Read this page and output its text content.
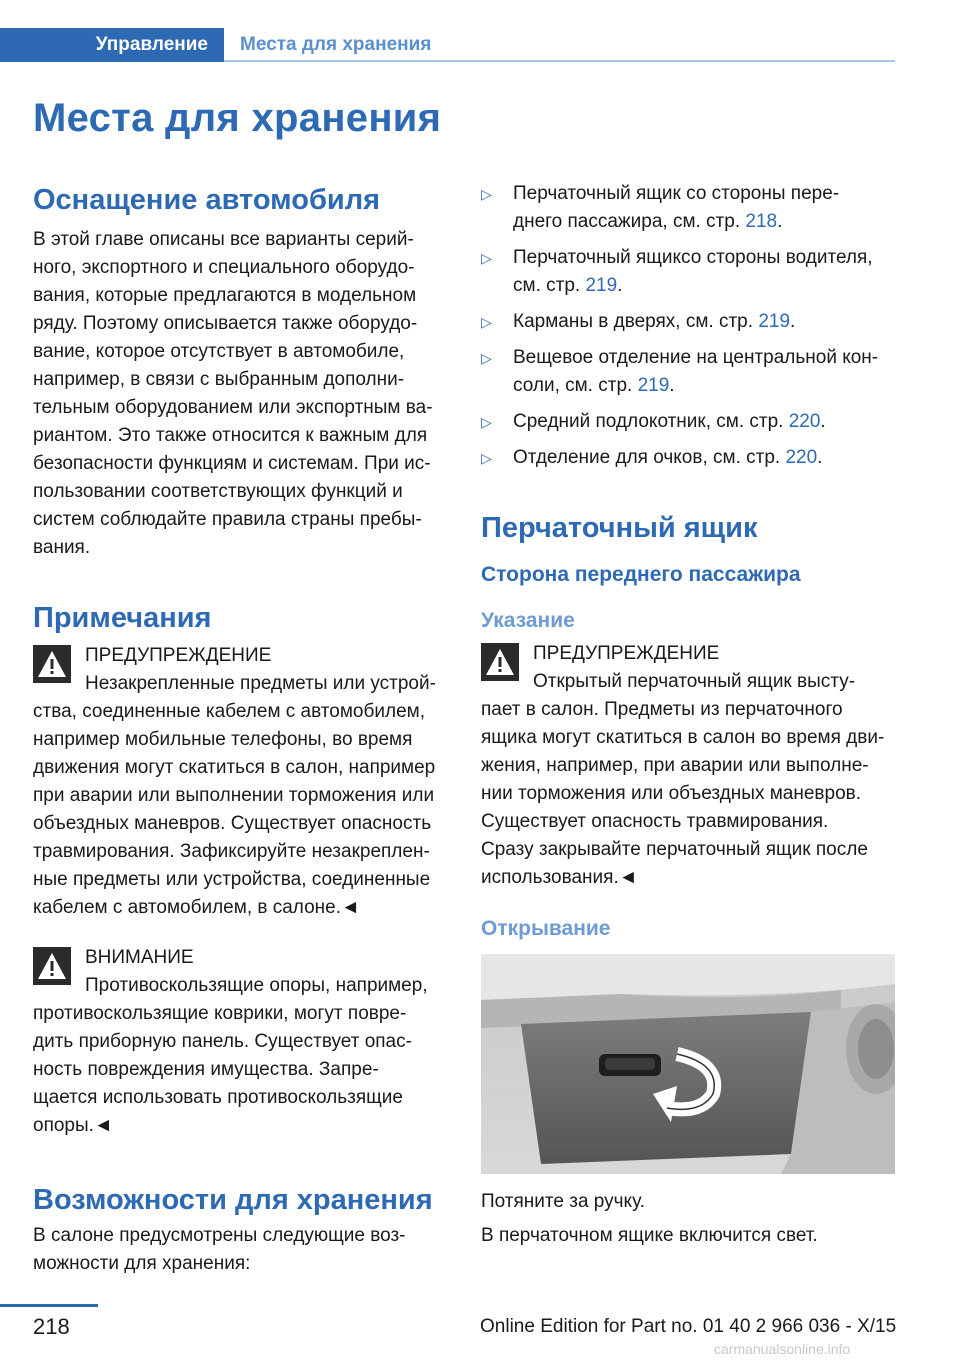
Управление Места для хранения
Места для хранения
Оснащение автомобиля

В этой главе описаны все варианты серий-

ного, экспортного и специального оборудо-

вания, которые предлагаются в модельном

ряду. Поэтому описывается также оборудо-

вание, которое отсутствует в автомобиле,

например, в связи с выбранным дополни-

тельным оборудованием или экспортным ва-

риантом. Это также относится к важным для

безопасности функциям и системам. При ис-

пользовании соответствующих функций и

систем соблюдайте правила страны пребы-

вания.

Примечания

ПРЕДУПРЕЖДЕНИЕ

Незакрепленные предметы или устрой-

ства, соединенные кабелем с автомобилем,

например мобильные телефоны, во время

движения могут скатиться в салон, например

при аварии или выполнении торможения или

объездных маневров. Существует опасность

травмирования. Зафиксируйте незакреплен-

ные предметы или устройства, соединенные

кабелем с автомобилем, в салоне.◄

ВНИМАНИЕ

Противоскользящие опоры, например,

противоскользящие коврики, могут повре-

дить приборную панель. Существует опас-

ность повреждения имущества. Запре-

щается использовать противоскользящие

опоры.◄

Возможности для хранения

В салоне предусмотрены следующие воз-

можности для хранения:

▷ Перчаточный ящик со стороны пере-
днего пассажира, см. стр. 218.
▷ Перчаточный ящиксо стороны водителя,
см. стр. 219.
▷ Карманы в дверях, см. стр. 219.
▷ Вещевое отделение на центральной кон-
соли, см. стр. 219.
▷ Средний подлокотник, см. стр. 220.
▷ Отделение для очков, см. стр. 220.
Перчаточный ящик
Сторона переднего пассажира
Указание

ПРЕДУПРЕЖДЕНИЕ

Открытый перчаточный ящик высту-

пает в салон. Предметы из перчаточного

ящика могут скатиться в салон во время дви-

жения, например, при аварии или выполне-

нии торможения или объездных маневров.

Существует опасность травмирования.

Сразу закрывайте перчаточный ящик после

использования.◄

Открывание

Потяните за ручку.

В перчаточном ящике включится свет.

218	Online Edition for Part no. 01 40 2 966 036 - X/15
carmanualsonline.info
